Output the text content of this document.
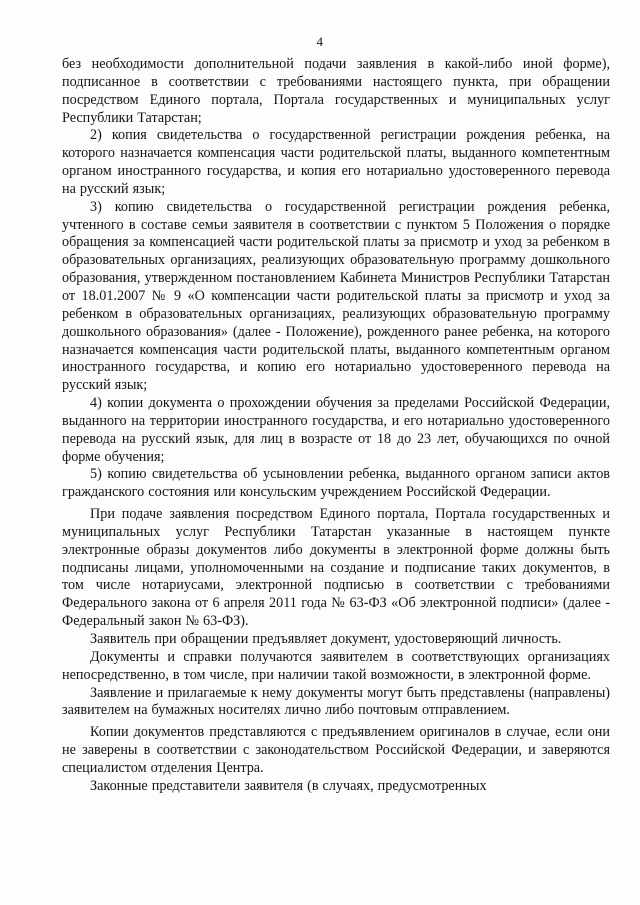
4

без необходимости дополнительной подачи заявления в какой-либо иной форме), подписанное в соответствии с требованиями настоящего пункта, при обращении посредством Единого портала, Портала государственных и муниципальных услуг Республики Татарстан;

2) копия свидетельства о государственной регистрации рождения ребенка, на которого назначается компенсация части родительской платы, выданного компетентным органом иностранного государства, и копия его нотариально удостоверенного перевода на русский язык;

3) копию свидетельства о государственной регистрации рождения ребенка, учтенного в составе семьи заявителя в соответствии с пунктом 5 Положения о порядке обращения за компенсацией части родительской платы за присмотр и уход за ребенком в образовательных организациях, реализующих образовательную программу дошкольного образования, утвержденном постановлением Кабинета Министров Республики Татарстан от 18.01.2007 № 9 «О компенсации части родительской платы за присмотр и уход за ребенком в образовательных организациях, реализующих образовательную программу дошкольного образования» (далее - Положение), рожденного ранее ребенка, на которого назначается компенсация части родительской платы, выданного компетентным органом иностранного государства, и копию его нотариально удостоверенного перевода на русский язык;

4) копии документа о прохождении обучения за пределами Российской Федерации, выданного на территории иностранного государства, и его нотариально удостоверенного перевода на русский язык, для лиц в возрасте от 18 до 23 лет, обучающихся по очной форме обучения;

5) копию свидетельства об усыновлении ребенка, выданного органом записи актов гражданского состояния или консульским учреждением Российской Федерации.

При подаче заявления посредством Единого портала, Портала государственных и муниципальных услуг Республики Татарстан указанные в настоящем пункте электронные образы документов либо документы в электронной форме должны быть подписаны лицами, уполномоченными на создание и подписание таких документов, в том числе нотариусами, электронной подписью в соответствии с требованиями Федерального закона от 6 апреля 2011 года № 63-ФЗ «Об электронной подписи» (далее - Федеральный закон № 63-ФЗ).

Заявитель при обращении предъявляет документ, удостоверяющий личность.

Документы и справки получаются заявителем в соответствующих организациях непосредственно, в том числе, при наличии такой возможности, в электронной форме.

Заявление и прилагаемые к нему документы могут быть представлены (направлены) заявителем на бумажных носителях лично либо почтовым отправлением.

Копии документов представляются с предъявлением оригиналов в случае, если они не заверены в соответствии с законодательством Российской Федерации, и заверяются специалистом отделения Центра.

Законные представители заявителя (в случаях, предусмотренных
